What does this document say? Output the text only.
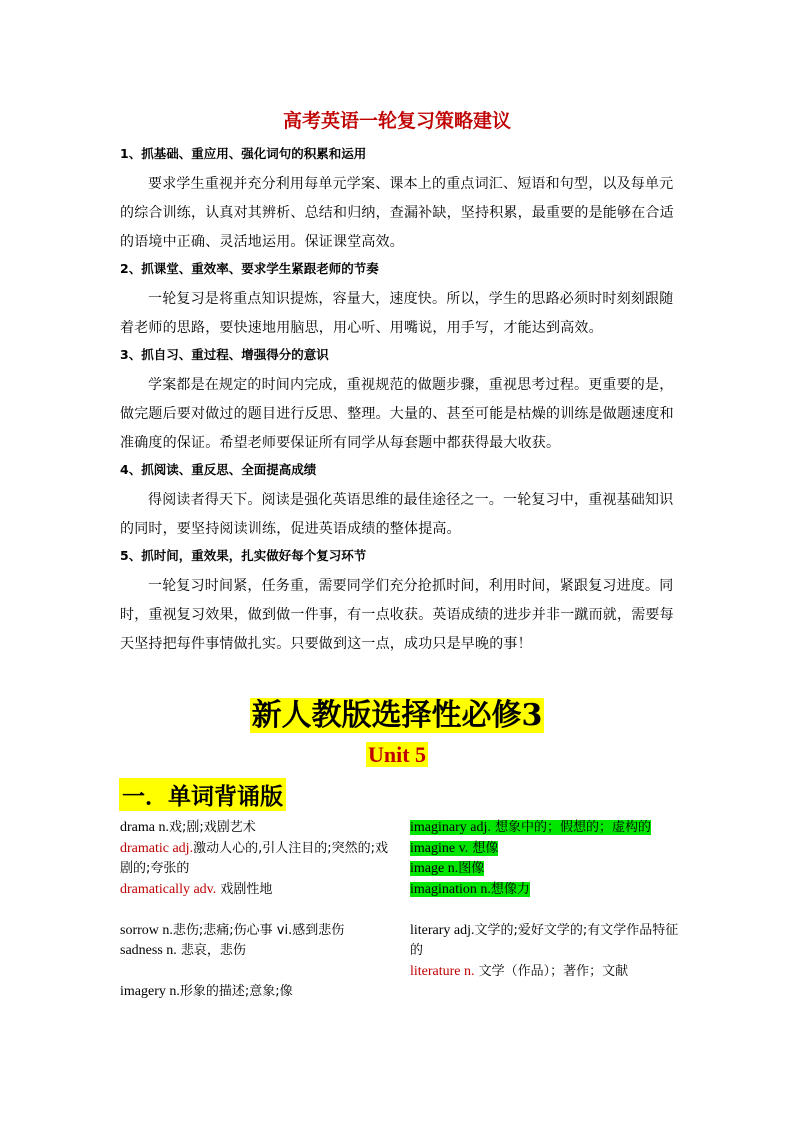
高考英语一轮复习策略建议
1、抓基础、重应用、强化词句的积累和运用

要求学生重视并充分利用每单元学案、课本上的重点词汇、短语和句型，以及每单元的综合训练，认真对其辨析、总结和归纳，查漏补缺，坚持积累，最重要的是能够在合适的语境中正确、灵活地运用。保证课堂高效。

2、抓课堂、重效率、要求学生紧跟老师的节奏

一轮复习是将重点知识提炼，容量大，速度快。所以，学生的思路必须时时刻刻跟随着老师的思路，要快速地用脑思，用心听、用嘴说，用手写，才能达到高效。

3、抓自习、重过程、增强得分的意识

学案都是在规定的时间内完成，重视规范的做题步骤，重视思考过程。更重要的是，做完题后要对做过的题目进行反思、整理。大量的、甚至可能是枯燥的训练是做题速度和准确度的保证。希望老师要保证所有同学从每套题中都获得最大收获。

4、抓阅读、重反思、全面提高成绩

得阅读者得天下。阅读是强化英语思维的最佳途径之一。一轮复习中，重视基础知识的同时，要坚持阅读训练，促进英语成绩的整体提高。

5、抓时间，重效果，扎实做好每个复习环节

一轮复习时间紧，任务重，需要同学们充分抢抓时间，利用时间，紧跟复习进度。同时，重视复习效果，做到做一件事，有一点收获。英语成绩的进步并非一蹴而就，需要每天坚持把每件事情做扎实。只要做到这一点，成功只是早晚的事！

新人教版选择性必修3
Unit 5
一．单词背诵版
drama n.戏;剧;戏剧艺术
dramatic adj.激动人心的,引人注目的;突然的;戏剧的;夸张的
dramatically adv. 戏剧性地
sorrow n.悲伤;悲痛;伤心事 vi.感到悲伤
sadness n. 悲哀，悲伤
imagery n.形象的描述;意象;像
imaginary adj. 想象中的；假想的；虚构的
imagine v. 想像
image n.图像
imagination n.想像力
literary adj.文学的;爱好文学的;有文学作品特征的
literature n. 文学（作品）；著作；文献
